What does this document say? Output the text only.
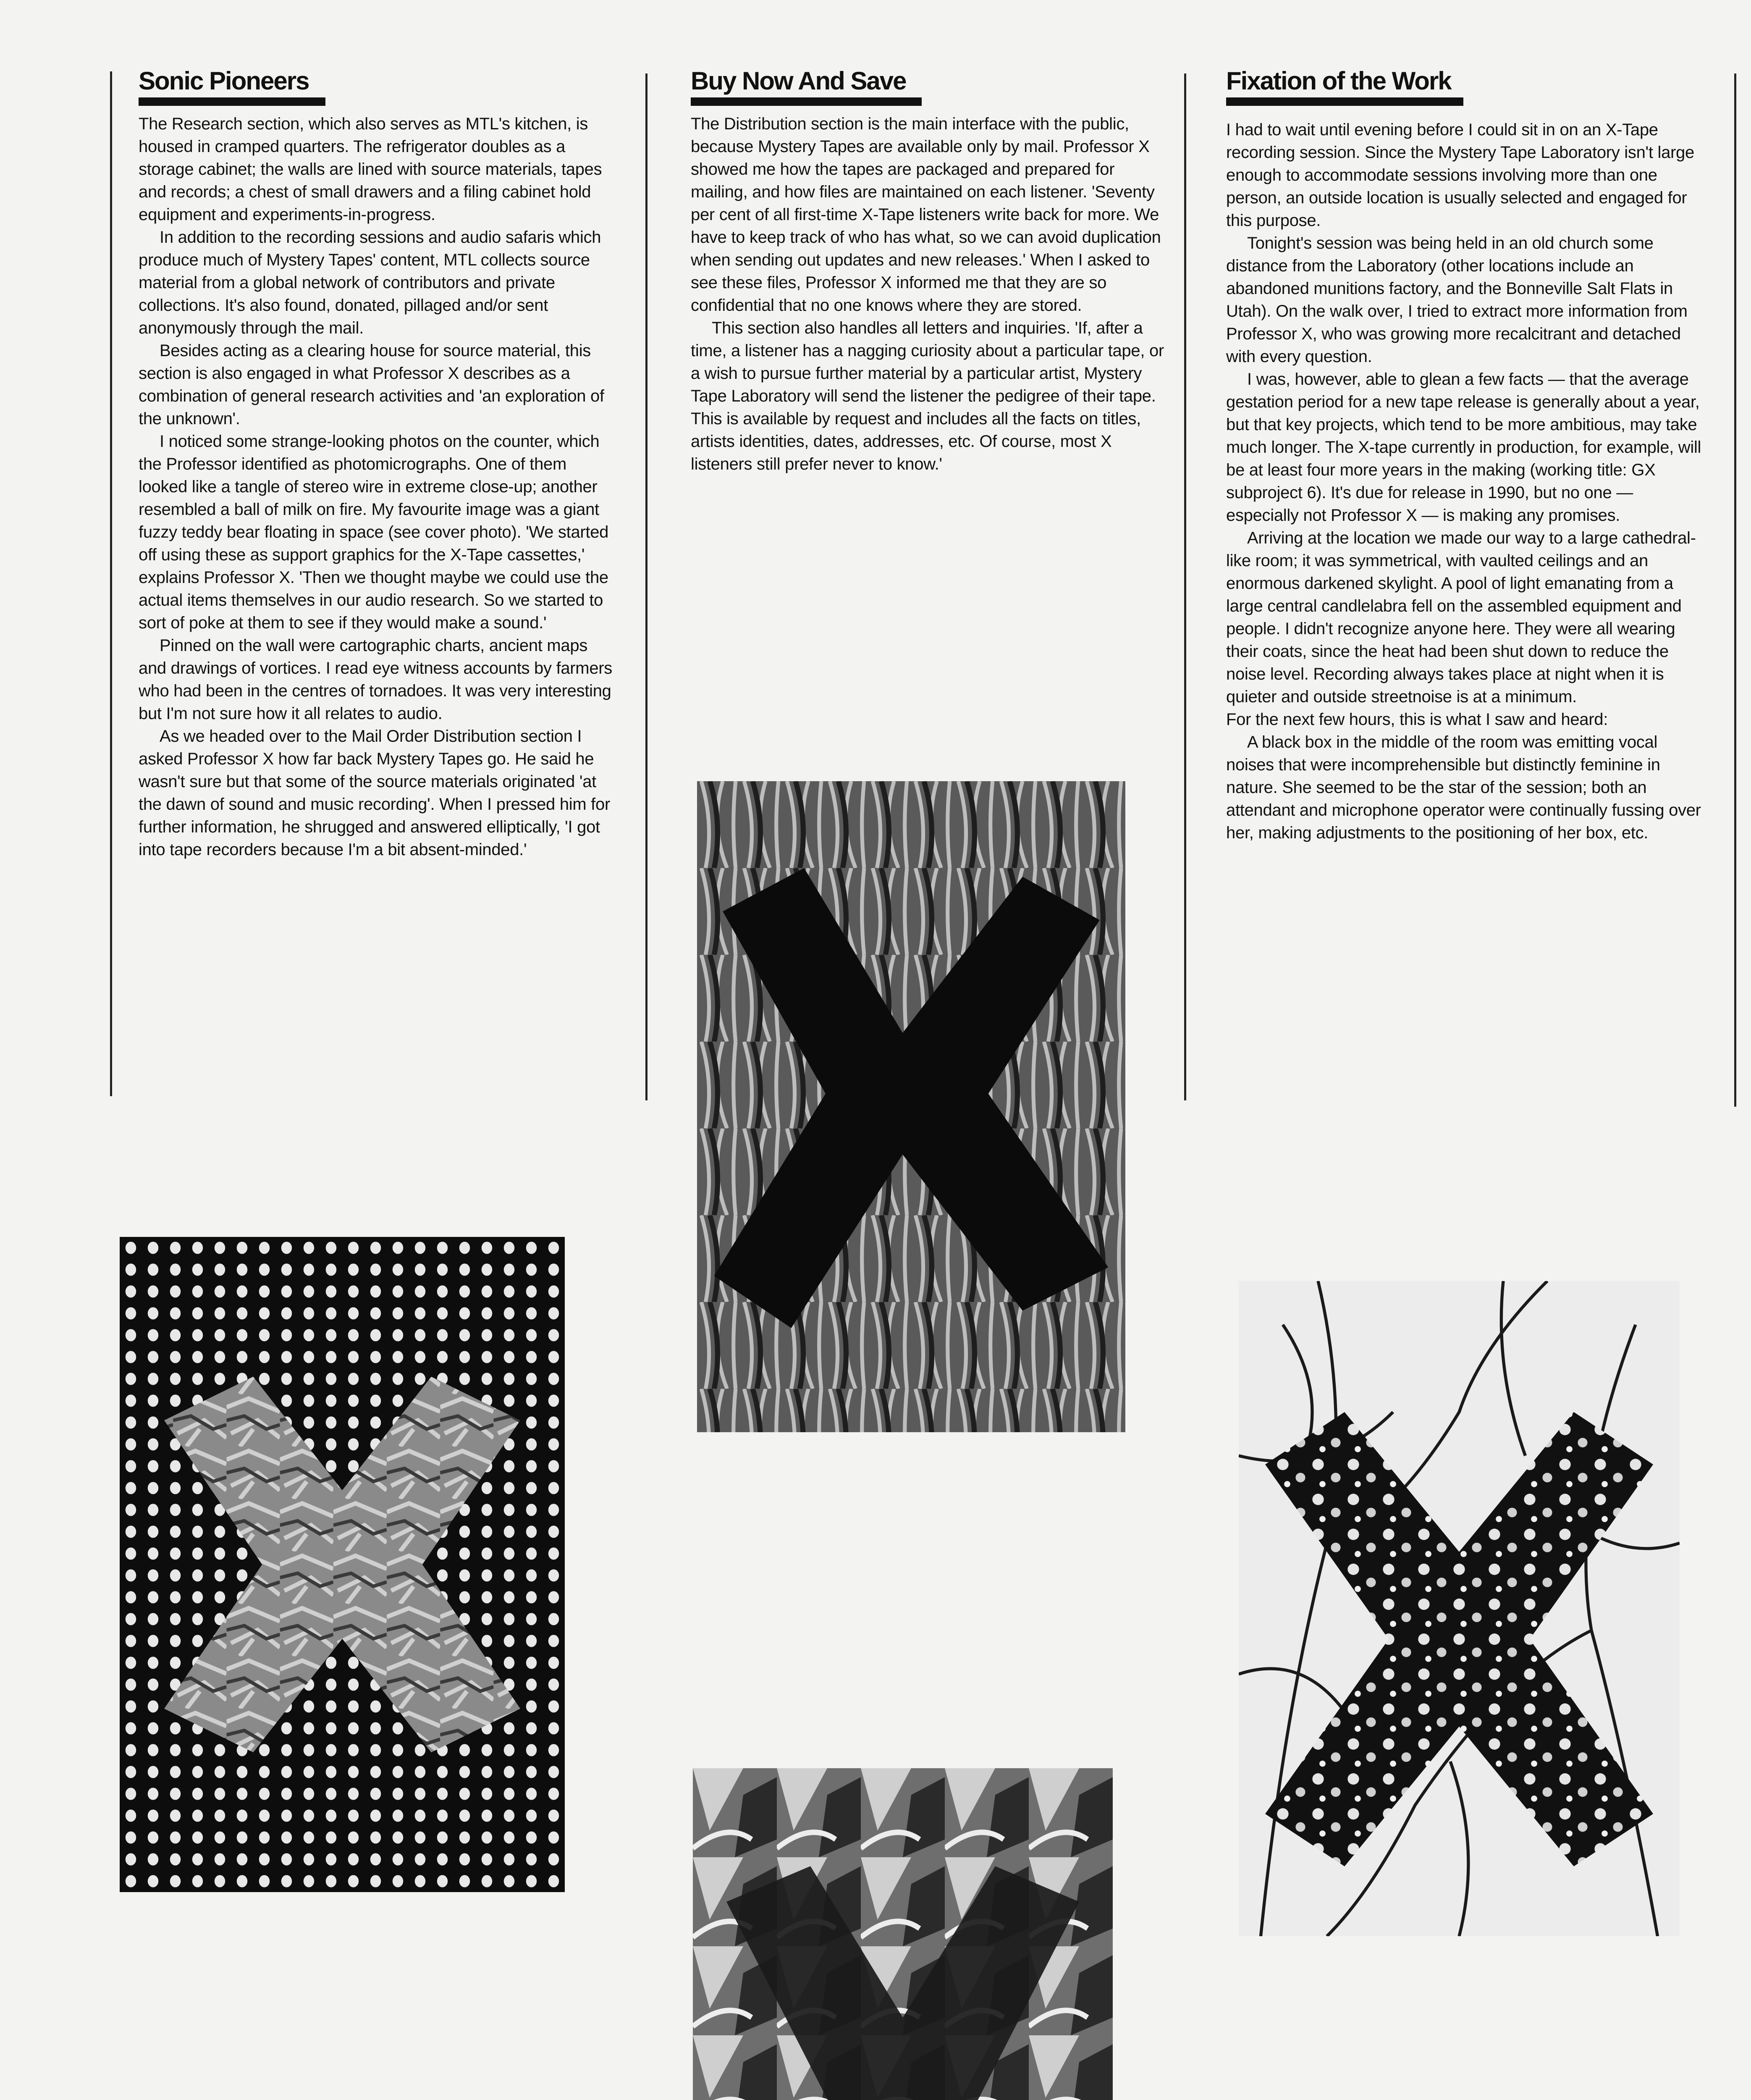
Sonic Pioneers

The Research section, which also serves as MTL's kitchen, is housed in cramped quarters. The refrigerator doubles as a storage cabinet; the walls are lined with source materials, tapes and records; a chest of small drawers and a filing cabinet hold equipment and experiments-in-progress.

In addition to the recording sessions and audio safaris which produce much of Mystery Tapes' content, MTL collects source material from a global network of contributors and private collections. It's also found, donated, pillaged and/or sent anonymously through the mail.

Besides acting as a clearing house for source material, this section is also engaged in what Professor X describes as a combination of general research activities and 'an exploration of the unknown'.

I noticed some strange-looking photos on the counter, which the Professor identified as photomicrographs. One of them looked like a tangle of stereo wire in extreme close-up; another resembled a ball of milk on fire. My favourite image was a giant fuzzy teddy bear floating in space (see cover photo). 'We started off using these as support graphics for the X-Tape cassettes,' explains Professor X. 'Then we thought maybe we could use the actual items themselves in our audio research. So we started to sort of poke at them to see if they would make a sound.'

Pinned on the wall were cartographic charts, ancient maps and drawings of vortices. I read eye witness accounts by farmers who had been in the centres of tornadoes. It was very interesting but I'm not sure how it all relates to audio.

As we headed over to the Mail Order Distribution section I asked Professor X how far back Mystery Tapes go. He said he wasn't sure but that some of the source materials originated 'at the dawn of sound and music recording'. When I pressed him for further information, he shrugged and answered elliptically, 'I got into tape recorders because I'm a bit absent-minded.'

Buy Now And Save

The Distribution section is the main interface with the public, because Mystery Tapes are available only by mail. Professor X showed me how the tapes are packaged and prepared for mailing, and how files are maintained on each listener. 'Seventy per cent of all first-time X-Tape listeners write back for more. We have to keep track of who has what, so we can avoid duplication when sending out updates and new releases.' When I asked to see these files, Professor X informed me that they are so confidential that no one knows where they are stored.

This section also handles all letters and inquiries. 'If, after a time, a listener has a nagging curiosity about a particular tape, or a wish to pursue further material by a particular artist, Mystery Tape Laboratory will send the listener the pedigree of their tape. This is available by request and includes all the facts on titles, artists identities, dates, addresses, etc. Of course, most X listeners still prefer never to know.'

Fixation of the Work

I had to wait until evening before I could sit in on an X-Tape recording session. Since the Mystery Tape Laboratory isn't large enough to accommodate sessions involving more than one person, an outside location is usually selected and engaged for this purpose.

Tonight's session was being held in an old church some distance from the Laboratory (other locations include an abandoned munitions factory, and the Bonneville Salt Flats in Utah). On the walk over, I tried to extract more information from Professor X, who was growing more recalcitrant and detached with every question.

I was, however, able to glean a few facts — that the average gestation period for a new tape release is generally about a year, but that key projects, which tend to be more ambitious, may take much longer. The X-tape currently in production, for example, will be at least four more years in the making (working title: GX subproject 6). It's due for release in 1990, but no one — especially not Professor X — is making any promises.

Arriving at the location we made our way to a large cathedral-like room; it was symmetrical, with vaulted ceilings and an enormous darkened skylight. A pool of light emanating from a large central candlelabra fell on the assembled equipment and people. I didn't recognize anyone here. They were all wearing their coats, since the heat had been shut down to reduce the noise level. Recording always takes place at night when it is quieter and outside streetnoise is at a minimum.

For the next few hours, this is what I saw and heard:

A black box in the middle of the room was emitting vocal noises that were incomprehensible but distinctly feminine in nature. She seemed to be the star of the session; both an attendant and microphone operator were continually fussing over her, making adjustments to the positioning of her box, etc.
